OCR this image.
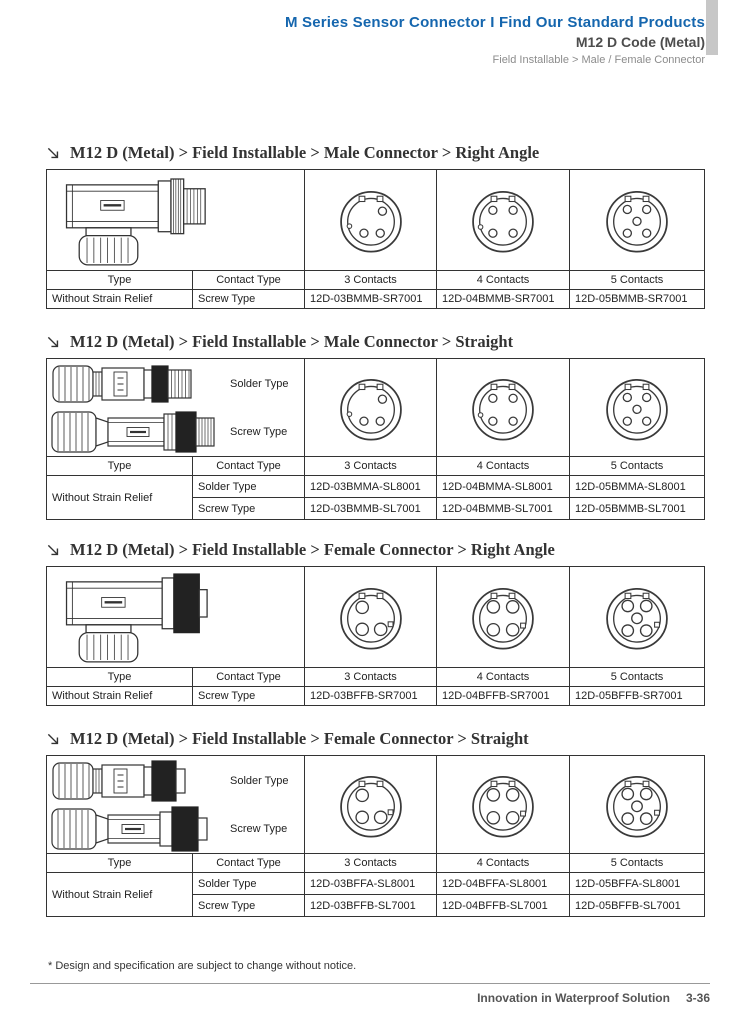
M Series Sensor Connector I Find Our Standard Products
M12 D Code (Metal)
Field Installable > Male / Female Connector
M12 D (Metal) > Field Installable > Male Connector > Right Angle

Type	Contact Type	3 Contacts	4 Contacts	5 Contacts
Without Strain Relief	Screw Type	12D-03BMMB-SR7001	12D-04BMMB-SR7001	12D-05BMMB-SR7001
M12 D (Metal) > Field Installable > Male Connector > Straight
Solder Type
Screw Type

Type	Contact Type	3 Contacts	4 Contacts	5 Contacts
Without Strain Relief	Solder Type	12D-03BMMA-SL8001	12D-04BMMA-SL8001	12D-05BMMA-SL8001
	Screw Type	12D-03BMMB-SL7001	12D-04BMMB-SL7001	12D-05BMMB-SL7001
M12 D (Metal) > Field Installable > Female Connector > Right Angle

Type	Contact Type	3 Contacts	4 Contacts	5 Contacts
Without Strain Relief	Screw Type	12D-03BFFB-SR7001	12D-04BFFB-SR7001	12D-05BFFB-SR7001
M12 D (Metal) > Field Installable > Female Connector > Straight
Solder Type
Screw Type

Type	Contact Type	3 Contacts	4 Contacts	5 Contacts
Without Strain Relief	Solder Type	12D-03BFFA-SL8001	12D-04BFFA-SL8001	12D-05BFFA-SL8001
	Screw Type	12D-03BFFB-SL7001	12D-04BFFB-SL7001	12D-05BFFB-SL7001
* Design and specification are subject to change without notice.
Innovation in Waterproof Solution 3-36
